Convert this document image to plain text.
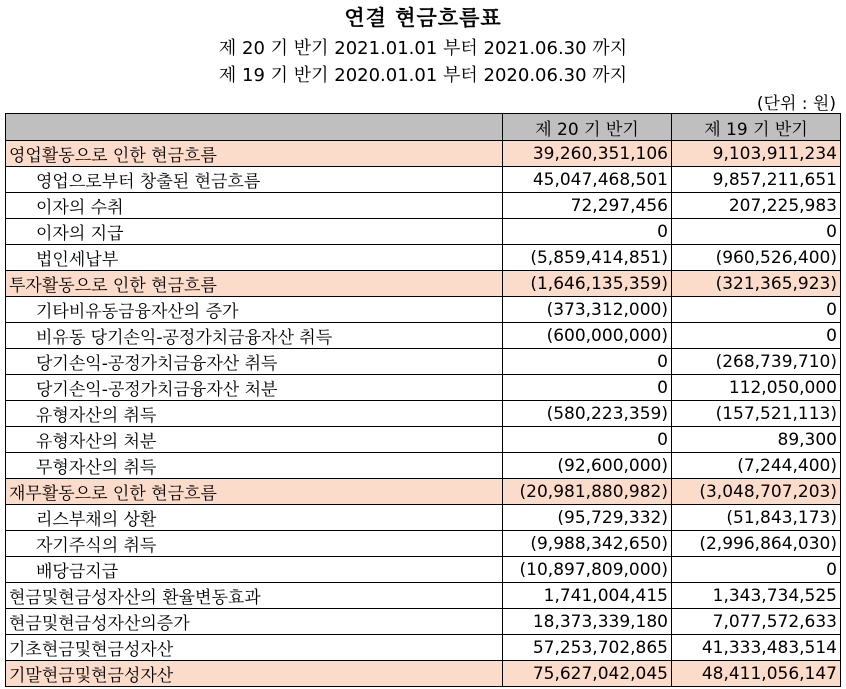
연결 현금흐름표
제 20 기 반기 2021.01.01 부터 2021.06.30 까지
제 19 기 반기 2020.01.01 부터 2020.06.30 까지
(단위 : 원)
	제 20 기 반기	제 19 기 반기
영업활동으로 인한 현금흐름	39,260,351,106	9,103,911,234
영업으로부터 창출된 현금흐름	45,047,468,501	9,857,211,651
이자의 수취	72,297,456	207,225,983
이자의 지급	0	0
법인세납부	(5,859,414,851)	(960,526,400)
투자활동으로 인한 현금흐름	(1,646,135,359)	(321,365,923)
기타비유동금융자산의 증가	(373,312,000)	0
비유동 당기손익-공정가치금융자산 취득	(600,000,000)	0
당기손익-공정가치금융자산 취득	0	(268,739,710)
당기손익-공정가치금융자산 처분	0	112,050,000
유형자산의 취득	(580,223,359)	(157,521,113)
유형자산의 처분	0	89,300
무형자산의 취득	(92,600,000)	(7,244,400)
재무활동으로 인한 현금흐름	(20,981,880,982)	(3,048,707,203)
리스부채의 상환	(95,729,332)	(51,843,173)
자기주식의 취득	(9,988,342,650)	(2,996,864,030)
배당금지급	(10,897,809,000)	0
현금및현금성자산의 환율변동효과	1,741,004,415	1,343,734,525
현금및현금성자산의증가	18,373,339,180	7,077,572,633
기초현금및현금성자산	57,253,702,865	41,333,483,514
기말현금및현금성자산	75,627,042,045	48,411,056,147
